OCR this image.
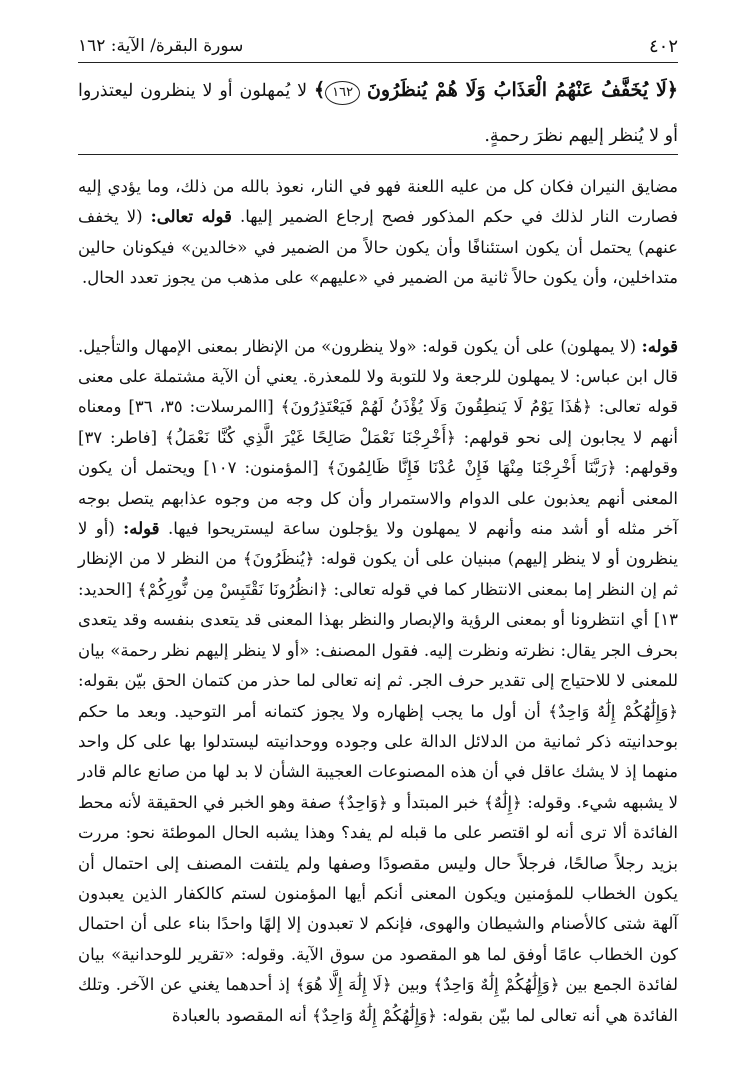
٤٠٢
سورة البقرة/ الآية: ١٦٢
﴿لَا يُخَفَّفُ عَنْهُمُ الْعَذَابُ وَلَا هُمْ يُنظَرُونَ ١٦٢﴾ لا يُمهلون أو لا ينظرون ليعتذروا أو لا يُنظر إليهم نظرَ رحمةٍ.

مضايق النيران فكان كل من عليه اللعنة فهو في النار، نعوذ بالله من ذلك، وما يؤدي إليه فصارت النار لذلك في حكم المذكور فصح إرجاع الضمير إليها. قوله تعالى: (لا يخفف عنهم) يحتمل أن يكون استئنافًا وأن يكون حالاً من الضمير في «خالدين» فيكونان حالين متداخلين، وأن يكون حالاً ثانية من الضمير في «عليهم» على مذهب من يجوز تعدد الحال.

قوله: (لا يمهلون) على أن يكون قوله: «ولا ينظرون» من الإنظار بمعنى الإمهال والتأجيل. قال ابن عباس: لا يمهلون للرجعة ولا للتوبة ولا للمعذرة. يعني أن الآية مشتملة على معنى قوله تعالى: ﴿هَٰذَا يَوْمُ لَا يَنطِقُونَ وَلَا يُؤْذَنُ لَهُمْ فَيَعْتَذِرُونَ﴾ [االمرسلات: ٣٥، ٣٦] ومعناه أنهم لا يجابون إلى نحو قولهم: ﴿أَخْرِجْنَا نَعْمَلْ صَالِحًا غَيْرَ الَّذِي كُنَّا نَعْمَلُ﴾ [فاطر: ٣٧] وقولهم: ﴿رَبَّنَا أَخْرِجْنَا مِنْهَا فَإِنْ عُدْنَا فَإِنَّا ظَالِمُونَ﴾ [المؤمنون: ١٠٧] ويحتمل أن يكون المعنى أنهم يعذبون على الدوام والاستمرار وأن كل وجه من وجوه عذابهم يتصل بوجه آخر مثله أو أشد منه وأنهم لا يمهلون ولا يؤجلون ساعة ليستريحوا فيها. قوله: (أو لا ينظرون أو لا ينظر إليهم) مبنيان على أن يكون قوله: ﴿يُنظَرُونَ﴾ من النظر لا من الإنظار ثم إن النظر إما بمعنى الانتظار كما في قوله تعالى: ﴿انظُرُونَا نَقْتَبِسْ مِن نُّورِكُمْ﴾ [الحديد: ١٣] أي انتظرونا أو بمعنى الرؤية والإبصار والنظر بهذا المعنى قد يتعدى بنفسه وقد يتعدى بحرف الجر يقال: نظرته ونظرت إليه. فقول المصنف: «أو لا ينظر إليهم نظر رحمة» بيان للمعنى لا للاحتياج إلى تقدير حرف الجر. ثم إنه تعالى لما حذر من كتمان الحق بيّن بقوله: ﴿وَإِلَٰهُكُمْ إِلَٰهٌ وَاحِدٌ﴾ أن أول ما يجب إظهاره ولا يجوز كتمانه أمر التوحيد. وبعد ما حكم بوحدانيته ذكر ثمانية من الدلائل الدالة على وجوده ووحدانيته ليستدلوا بها على كل واحد منهما إذ لا يشك عاقل في أن هذه المصنوعات العجيبة الشأن لا بد لها من صانع عالم قادر لا يشبهه شيء. وقوله: ﴿إِلَٰهٌ﴾ خبر المبتدأ و ﴿وَاحِدٌ﴾ صفة وهو الخبر في الحقيقة لأنه محط الفائدة ألا ترى أنه لو اقتصر على ما قبله لم يفد؟ وهذا يشبه الحال الموطئة نحو: مررت بزيد رجلاً صالحًا، فرجلاً حال وليس مقصودًا وصفها ولم يلتفت المصنف إلى احتمال أن يكون الخطاب للمؤمنين ويكون المعنى أنكم أيها المؤمنون لستم كالكفار الذين يعبدون آلهة شتى كالأصنام والشيطان والهوى، فإنكم لا تعبدون إلا إلهًا واحدًا بناء على أن احتمال كون الخطاب عامًا أوفق لما هو المقصود من سوق الآية. وقوله: «تقرير للوحدانية» بيان لفائدة الجمع بين ﴿وَإِلَٰهُكُمْ إِلَٰهٌ وَاحِدٌ﴾ وبين ﴿لَا إِلَٰهَ إِلَّا هُوَ﴾ إذ أحدهما يغني عن الآخر. وتلك الفائدة هي أنه تعالى لما بيّن بقوله: ﴿وَإِلَٰهُكُمْ إِلَٰهٌ وَاحِدٌ﴾ أنه المقصود بالعبادة
